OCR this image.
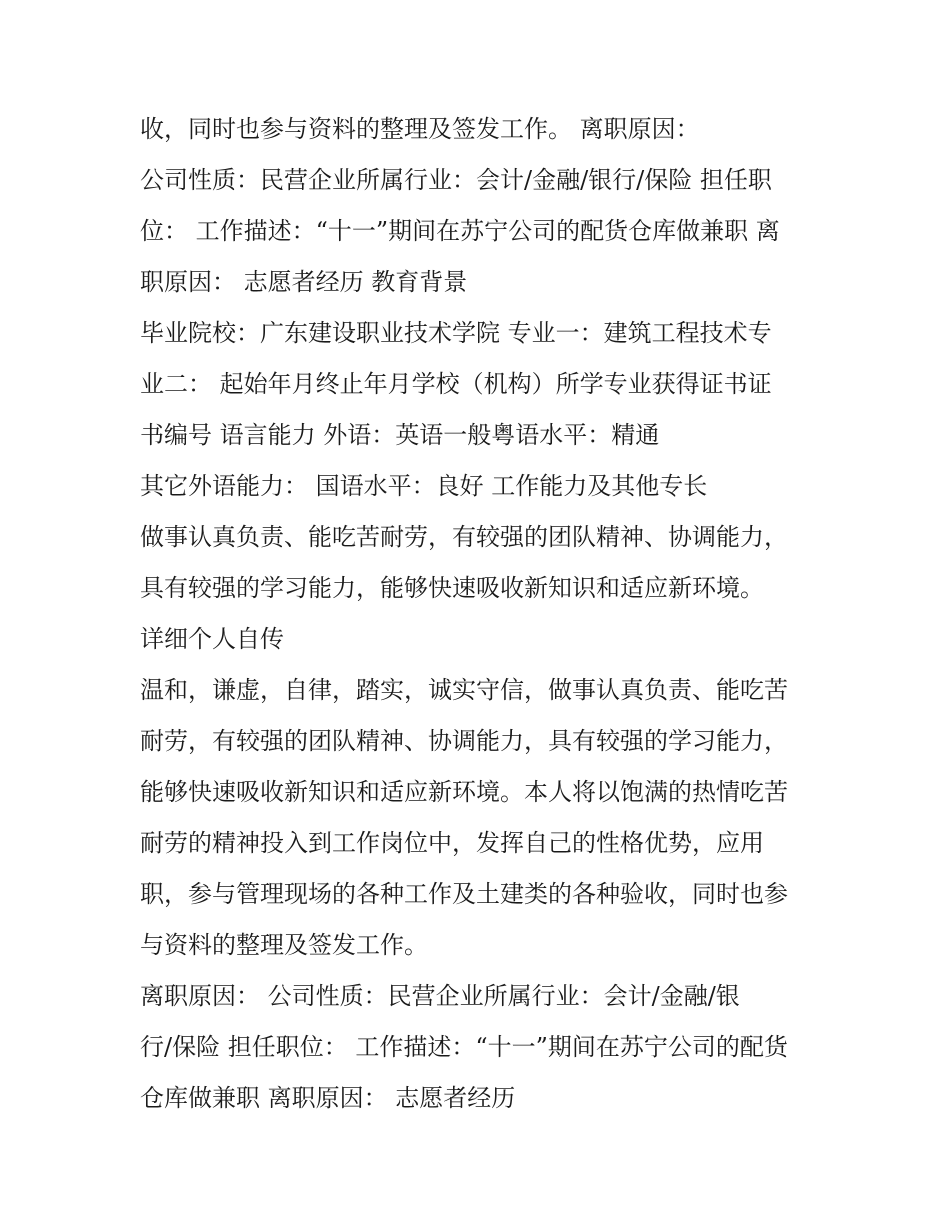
收，同时也参与资料的整理及签发工作。 离职原因：
公司性质：民营企业所属行业：会计/金融/银行/保险 担任职
位： 工作描述：“十一”期间在苏宁公司的配货仓库做兼职 离
职原因： 志愿者经历 教育背景
毕业院校：广东建设职业技术学院 专业一：建筑工程技术专
业二： 起始年月终止年月学校（机构）所学专业获得证书证
书编号 语言能力 外语：英语一般粤语水平：精通
其它外语能力： 国语水平：良好 工作能力及其他专长
做事认真负责、能吃苦耐劳，有较强的团队精神、协调能力，
具有较强的学习能力，能够快速吸收新知识和适应新环境。
详细个人自传
温和，谦虚，自律，踏实，诚实守信，做事认真负责、能吃苦
耐劳，有较强的团队精神、协调能力，具有较强的学习能力，
能够快速吸收新知识和适应新环境。本人将以饱满的热情吃苦
耐劳的精神投入到工作岗位中，发挥自己的性格优势，应用
职，参与管理现场的各种工作及土建类的各种验收，同时也参
与资料的整理及签发工作。
离职原因： 公司性质：民营企业所属行业：会计/金融/银
行/保险 担任职位： 工作描述：“十一”期间在苏宁公司的配货
仓库做兼职 离职原因： 志愿者经历
